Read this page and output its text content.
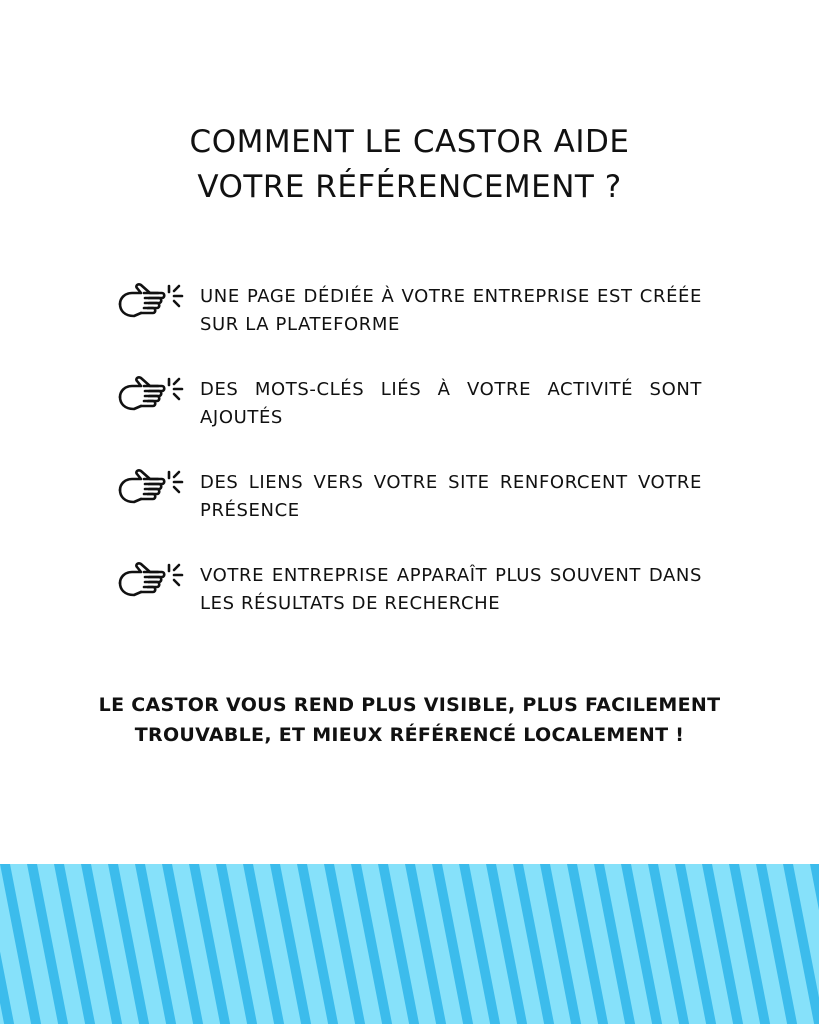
COMMENT LE CASTOR AIDE
VOTRE RÉFÉRENCEMENT ?
UNE PAGE DÉDIÉE À VOTRE ENTREPRISE EST CRÉÉE SUR LA PLATEFORME
DES MOTS-CLÉS LIÉS À VOTRE ACTIVITÉ SONT AJOUTÉS
DES LIENS VERS VOTRE SITE RENFORCENT VOTRE PRÉSENCE
VOTRE ENTREPRISE APPARAÎT PLUS SOUVENT DANS LES RÉSULTATS DE RECHERCHE

LE CASTOR VOUS REND PLUS VISIBLE, PLUS FACILEMENT
TROUVABLE, ET MIEUX RÉFÉRENCÉ LOCALEMENT !
